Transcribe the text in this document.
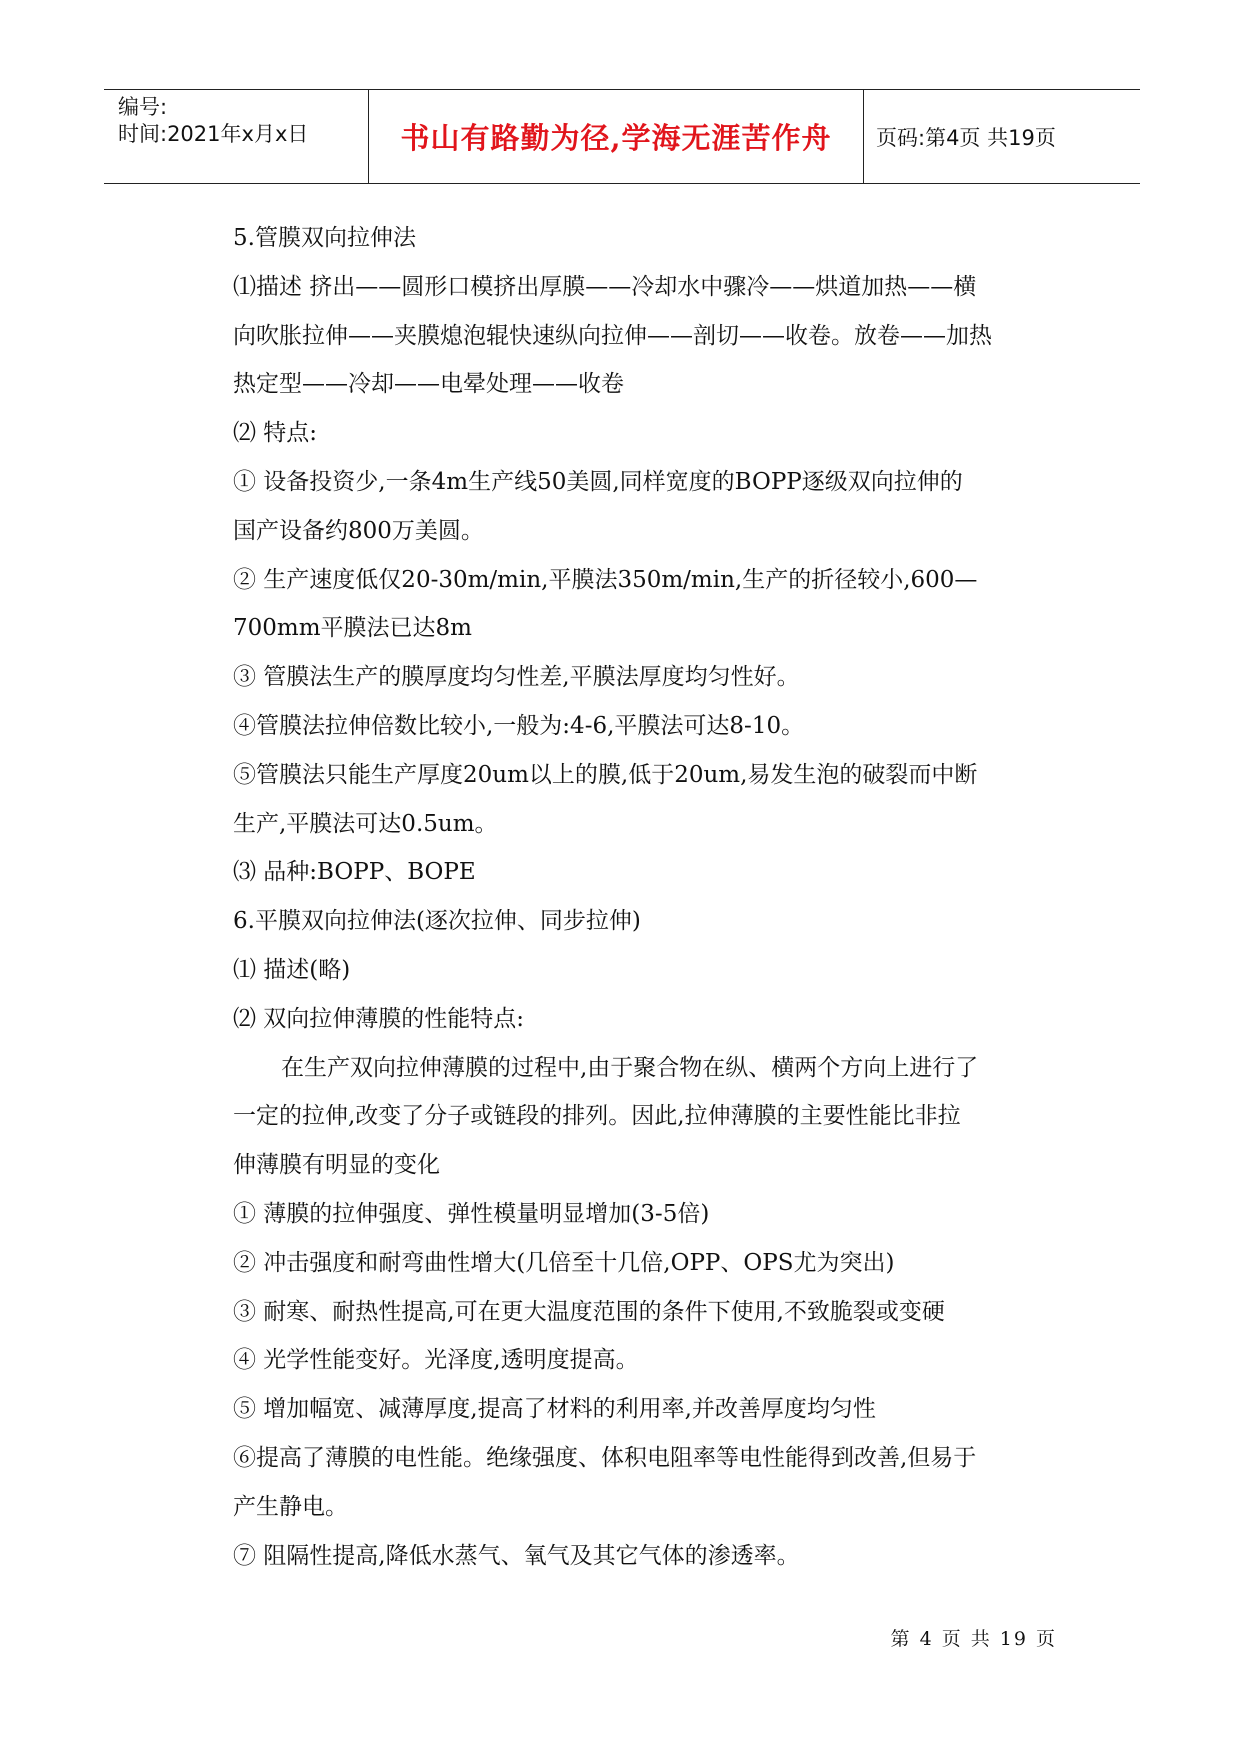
编号:
时间:2021年x月x日	书山有路勤为径,学海无涯苦作舟 页码:第4页 共19页

5.管膜双向拉伸法

⑴描述 挤出——圆形口模挤出厚膜——冷却水中骤冷——烘道加热——横

向吹胀拉伸——夹膜熄泡辊快速纵向拉伸——剖切——收卷。放卷——加热

热定型——冷却——电晕处理——收卷

⑵ 特点:

① 设备投资少,一条4m生产线50美圆,同样宽度的BOPP逐级双向拉伸的

国产设备约800万美圆。

② 生产速度低仅20-30m/min,平膜法350m/min,生产的折径较小,600—

700mm平膜法已达8m

③ 管膜法生产的膜厚度均匀性差,平膜法厚度均匀性好。

④管膜法拉伸倍数比较小,一般为:4-6,平膜法可达8-10。

⑤管膜法只能生产厚度20um以上的膜,低于20um,易发生泡的破裂而中断

生产,平膜法可达0.5um。

⑶ 品种:BOPP、BOPE

6.平膜双向拉伸法(逐次拉伸、同步拉伸)

⑴ 描述(略)

⑵ 双向拉伸薄膜的性能特点:

在生产双向拉伸薄膜的过程中,由于聚合物在纵、横两个方向上进行了

一定的拉伸,改变了分子或链段的排列。因此,拉伸薄膜的主要性能比非拉

伸薄膜有明显的变化

① 薄膜的拉伸强度、弹性模量明显增加(3-5倍)

② 冲击强度和耐弯曲性增大(几倍至十几倍,OPP、OPS尤为突出)

③ 耐寒、耐热性提高,可在更大温度范围的条件下使用,不致脆裂或变硬

④ 光学性能变好。光泽度,透明度提高。

⑤ 增加幅宽、减薄厚度,提高了材料的利用率,并改善厚度均匀性

⑥提高了薄膜的电性能。绝缘强度、体积电阻率等电性能得到改善,但易于

产生静电。

⑦ 阻隔性提高,降低水蒸气、氧气及其它气体的渗透率。

第 4 页 共 19 页
